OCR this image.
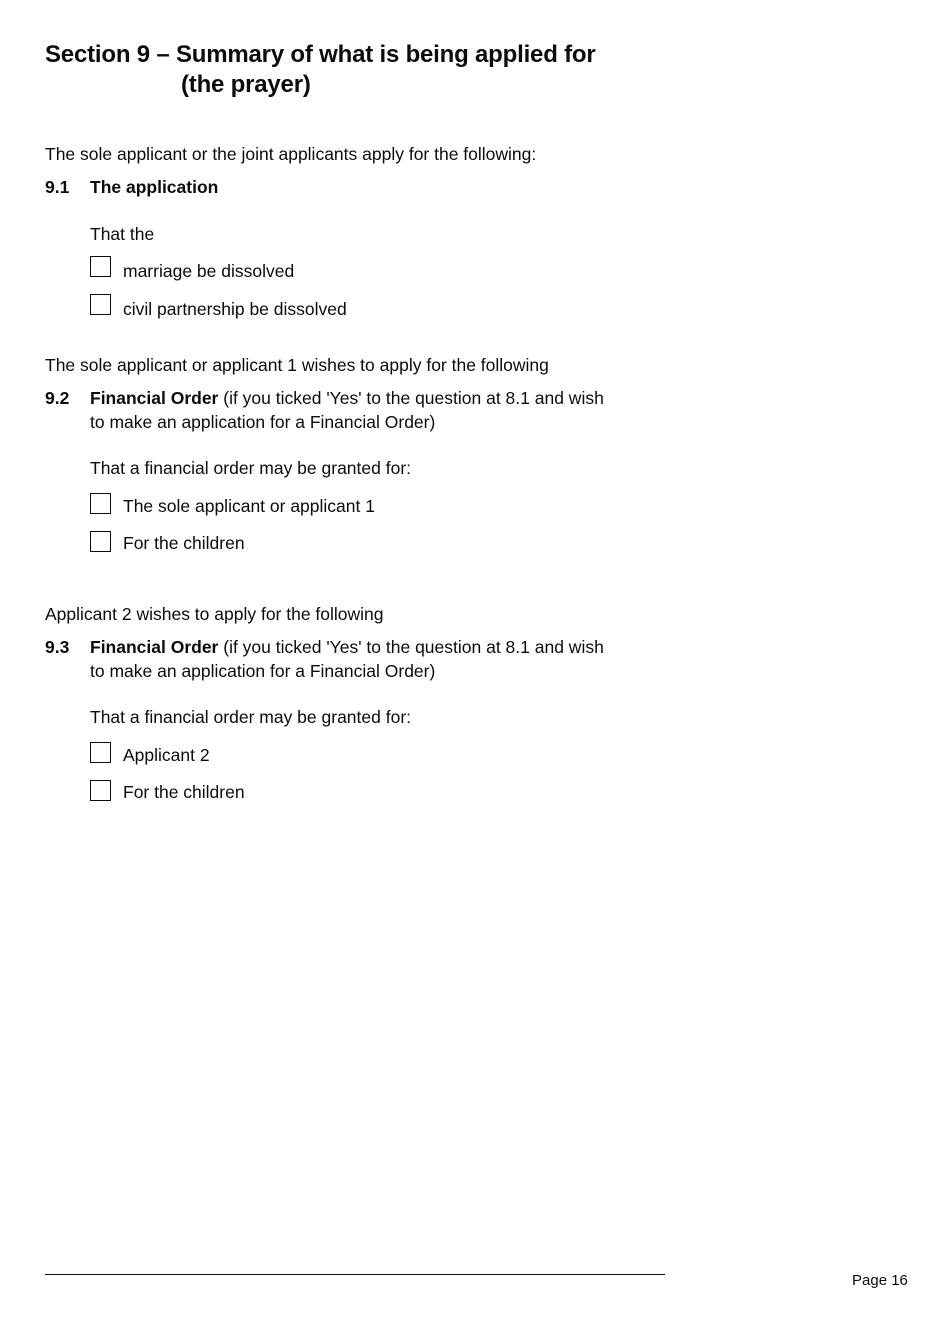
Section 9 – Summary of what is being applied for
(the prayer)
The sole applicant or the joint applicants apply for the following:
9.1 The application
That the
marriage be dissolved
civil partnership be dissolved
The sole applicant or applicant 1 wishes to apply for the following
9.2 Financial Order (if you ticked 'Yes' to the question at 8.1 and wish
to make an application for a Financial Order)
That a financial order may be granted for:
The sole applicant or applicant 1
For the children
Applicant 2 wishes to apply for the following
9.3 Financial Order (if you ticked 'Yes' to the question at 8.1 and wish
to make an application for a Financial Order)
That a financial order may be granted for:
Applicant 2
For the children
Page 16
